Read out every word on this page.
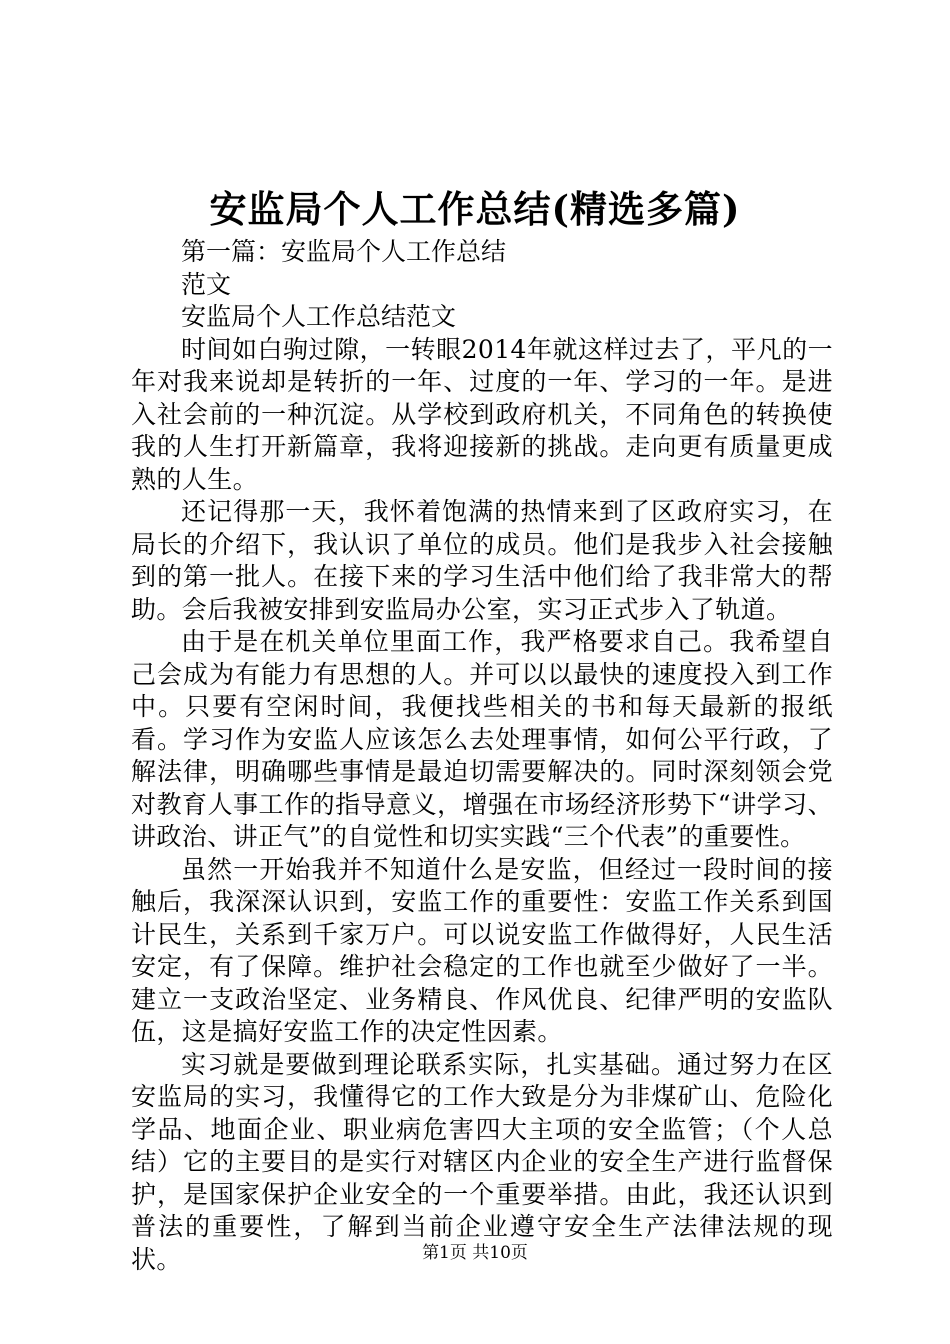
安监局个人工作总结(精选多篇)

第一篇：安监局个人工作总结

范文

安监局个人工作总结范文

时间如白驹过隙，一转眼2014年就这样过去了，平凡的一年对我来说却是转折的一年、过度的一年、学习的一年。是进入社会前的一种沉淀。从学校到政府机关，不同角色的转换使我的人生打开新篇章，我将迎接新的挑战。走向更有质量更成熟的人生。

还记得那一天，我怀着饱满的热情来到了区政府实习，在局长的介绍下，我认识了单位的成员。他们是我步入社会接触到的第一批人。在接下来的学习生活中他们给了我非常大的帮助。会后我被安排到安监局办公室，实习正式步入了轨道。

由于是在机关单位里面工作，我严格要求自己。我希望自己会成为有能力有思想的人。并可以以最快的速度投入到工作中。只要有空闲时间，我便找些相关的书和每天最新的报纸看。学习作为安监人应该怎么去处理事情，如何公平行政，了解法律，明确哪些事情是最迫切需要解决的。同时深刻领会党对教育人事工作的指导意义，增强在市场经济形势下“讲学习、讲政治、讲正气”的自觉性和切实实践“三个代表”的重要性。

虽然一开始我并不知道什么是安监，但经过一段时间的接触后，我深深认识到，安监工作的重要性：安监工作关系到国计民生，关系到千家万户。可以说安监工作做得好，人民生活安定，有了保障。维护社会稳定的工作也就至少做好了一半。建立一支政治坚定、业务精良、作风优良、纪律严明的安监队伍，这是搞好安监工作的决定性因素。

实习就是要做到理论联系实际，扎实基础。通过努力在区安监局的实习，我懂得它的工作大致是分为非煤矿山、危险化学品、地面企业、职业病危害四大主项的安全监管；（个人总结）它的主要目的是实行对辖区内企业的安全生产进行监督保护，是国家保护企业安全的一个重要举措。由此，我还认识到普法的重要性，了解到当前企业遵守安全生产法律法规的现状。	第1页 共10页
